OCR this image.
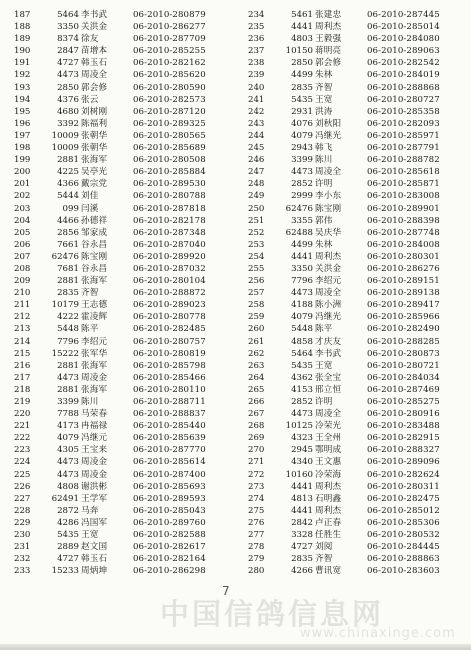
187	5464 李书武	06-2010-280879
188	3350 关洪金	06-2010-286277
189	8374 徐友	06-2010-287709
190	2847 苗增本	06-2010-285255
191	4727 韩玉石	06-2010-282162
192	4473 周凌全	06-2010-285620
193	2850 郭会修	06-2010-280590
194	4376 张云	06-2010-282573
195	4680 刘树刚	06-2010-287120
196	3392 陈福利	06-2010-289325
197	10009 张朝华	06-2010-280565
198	10009 张朝华	06-2010-285689
199	2881 张海军	06-2010-280508
200	4225 吴亭光	06-2010-285884
201	4366 戴宗党	06-2010-289530
202	5444 刘佳	06-2010-280788
203	099 闫溪	06-2010-287818
204	4466 孙德祥	06-2010-282178
205	2856 邹家成	06-2010-287348
206	7661 谷永昌	06-2010-287040
207	62476 陈宝刚	06-2010-289920
208	7681 谷永昌	06-2010-287032
209	2881 张海军	06-2010-280104
210	2835 齐智	06-2010-288872
211	10179 王志德	06-2010-289023
212	4222 霍凌辉	06-2010-280778
213	5448 陈平	06-2010-282485
214	7796 李绍元	06-2010-280757
215	15222 张军华	06-2010-280819
216	2881 张海军	06-2010-285798
217	4473 周凌金	06-2010-285466
218	2881 张海军	06-2010-280110
219	3399 陈川	06-2010-288711
220	7788 马荣春	06-2010-288837
221	4173 冉福禄	06-2010-285440
222	4079 冯继元	06-2010-285639
223	4305 王宝来	06-2010-287770
224	4473 周凌金	06-2010-285614
225	4473 周凌金	06-2010-287400
226	4808 谢洪彬	06-2010-285693
227	62491 王学军	06-2010-289593
228	2872 马奔	06-2010-285043
229	4286 冯国军	06-2010-289760
230	5435 王宽	06-2010-282588
231	2889 赵文国	06-2010-282617
232	4727 韩玉石	06-2010-282164
233	15233 周炳坤	06-2010-286298
234	5461 张建忠	06-2010-287445
235	4441 周利杰	06-2010-285014
236	4803 王毅强	06-2010-284080
237	10150 蒋明亮	06-2010-289063
238	2850 郭会修	06-2010-282542
239	4499 朱林	06-2010-284019
240	2835 齐智	06-2010-288868
241	5435 王宽	06-2010-280727
242	2931 洪涛	06-2010-285358
243	4076 刘秋阳	06-2010-282093
244	4079 冯继光	06-2010-285971
245	2943 韩飞	06-2010-287791
246	3399 陈川	06-2010-288782
247	4473 周凌全	06-2010-285618
248	2852 许明	06-2010-285871
249	2999 李小东	06-2010-283008
250	62476 陈宝刚	06-2010-289901
251	3355 郭伟	06-2010-288398
252	62488 吴庆华	06-2010-287748
253	4499 朱林	06-2010-284008
254	4441 周利杰	06-2010-280301
255	3350 关洪金	06-2010-286276
256	7796 李绍元	06-2010-289151
257	4473 周凌全	06-2010-289138
258	4188 陈小洲	06-2010-289417
259	4079 冯继光	06-2010-285966
260	5448 陈平	06-2010-282490
261	4858 才庆友	06-2010-288285
262	5464 李书武	06-2010-280873
263	5435 王宽	06-2010-280721
264	4362 张全宝	06-2010-284034
265	4153 邢立恒	06-2010-287469
266	2852 许明	06-2010-285275
267	4473 周凌全	06-2010-280916
268	10125 冷荣光	06-2010-283488
269	4323 王全州	06-2010-282915
270	2945 鄂明成	06-2010-288327
271	4340 王文惠	06-2010-289096
272	10160 冷荣海	06-2010-282624
273	4441 周利杰	06-2010-280311
274	4813 石明鑫	06-2010-282475
275	4441 周利杰	06-2010-285012
276	2842 卢正春	06-2010-285306
277	3328 任胜生	06-2010-280532
278	4727 刘阅	06-2010-284445
279	2835 齐智	06-2010-288863
280	4266 曹讯宽	06-2010-283603
7
中国信鸽信息网
www.chinaxinge.com
